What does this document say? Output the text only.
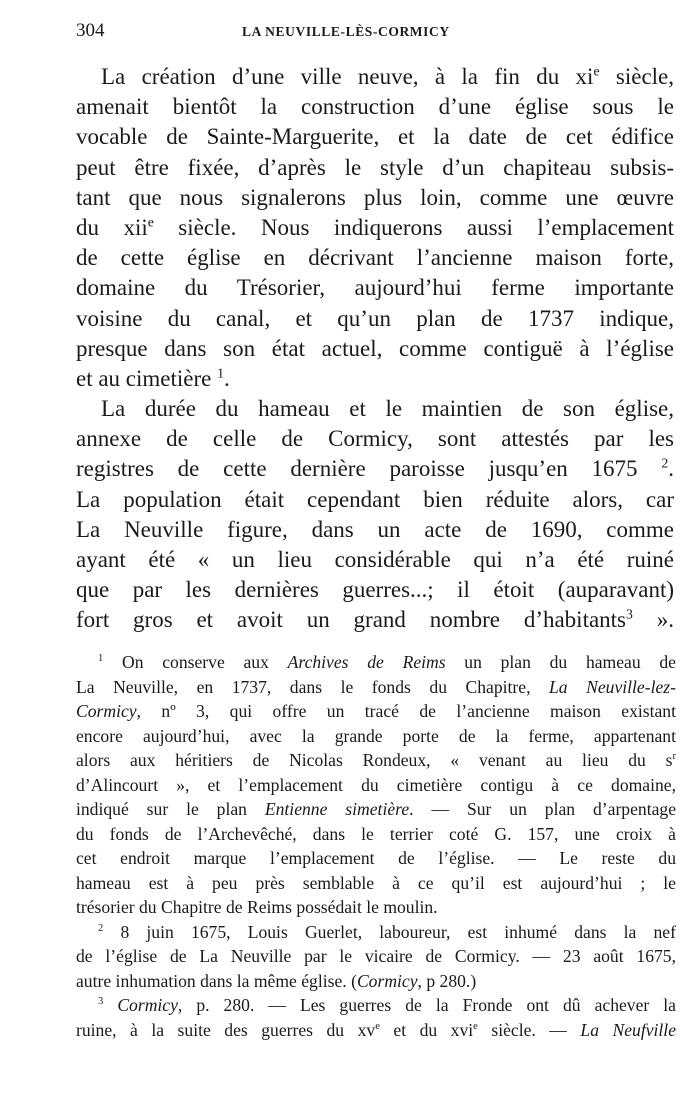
304	LA NEUVILLE-LÈS-CORMICY
La création d’une ville neuve, à la fin du $xi^e$ siècle,
amenait bientôt la construction d’une église sous le
vocable de Sainte-Marguerite, et la date de cet édifice
peut être fixée, d’après le style d’un chapiteau subsis-
tant que nous signalerons plus loin, comme une œuvre
du xii$^e$ siècle. Nous indiquerons aussi l’emplacement
de cette église en décrivant l’ancienne maison forte,
domaine du Trésorier, aujourd’hui ferme importante
voisine du canal, et qu’un plan de 1737 indique,
presque dans son état actuel, comme contiguë à l’église
et au cimetière $^1$.
La durée du hameau et le maintien de son église,
annexe de celle de Cormicy, sont attestés par les
registres de cette dernière paroisse jusqu’en 1675 $^2$.
La population était cependant bien réduite alors, car
La Neuville figure, dans un acte de 1690, comme
ayant été « un lieu considérable qui n’a été ruiné
que par les dernières guerres...; il étoit (auparavant)
fort gros et avoit un grand nombre d’habitants$^3$ ».
$^1$ On conserve aux Archives de Reims un plan du hameau de
La Neuville, en 1737, dans le fonds du Chapitre, La Neuville-lez-
Cormicy, nº 3, qui offre un tracé de l’ancienne maison existant
encore aujourd’hui, avec la grande porte de la ferme, appartenant
alors aux héritiers de Nicolas Rondeux, « venant au lieu du $s^r$
d’Alincourt », et l’emplacement du cimetière contigu à ce domaine,
indiqué sur le plan Entienne simetière. — Sur un plan d’arpentage
du fonds de l’Archevêché, dans le terrier coté G. 157, une croix à
cet endroit marque l’emplacement de l’église. — Le reste du
hameau est à peu près semblable à ce qu’il est aujourd’hui ; le
trésorier du Chapitre de Reims possédait le moulin.
$^2$ 8 juin 1675, Louis Guerlet, laboureur, est inhumé dans la nef
de l’église de La Neuville par le vicaire de Cormicy. — 23 août 1675,
autre inhumation dans la même église. (Cormicy, p 280.)
$^3$ Cormicy, p. 280. — Les guerres de la Fronde ont dû achever la
ruine, à la suite des guerres du $xv^e$ et du xvi$^e$ siècle. — La Neufville
